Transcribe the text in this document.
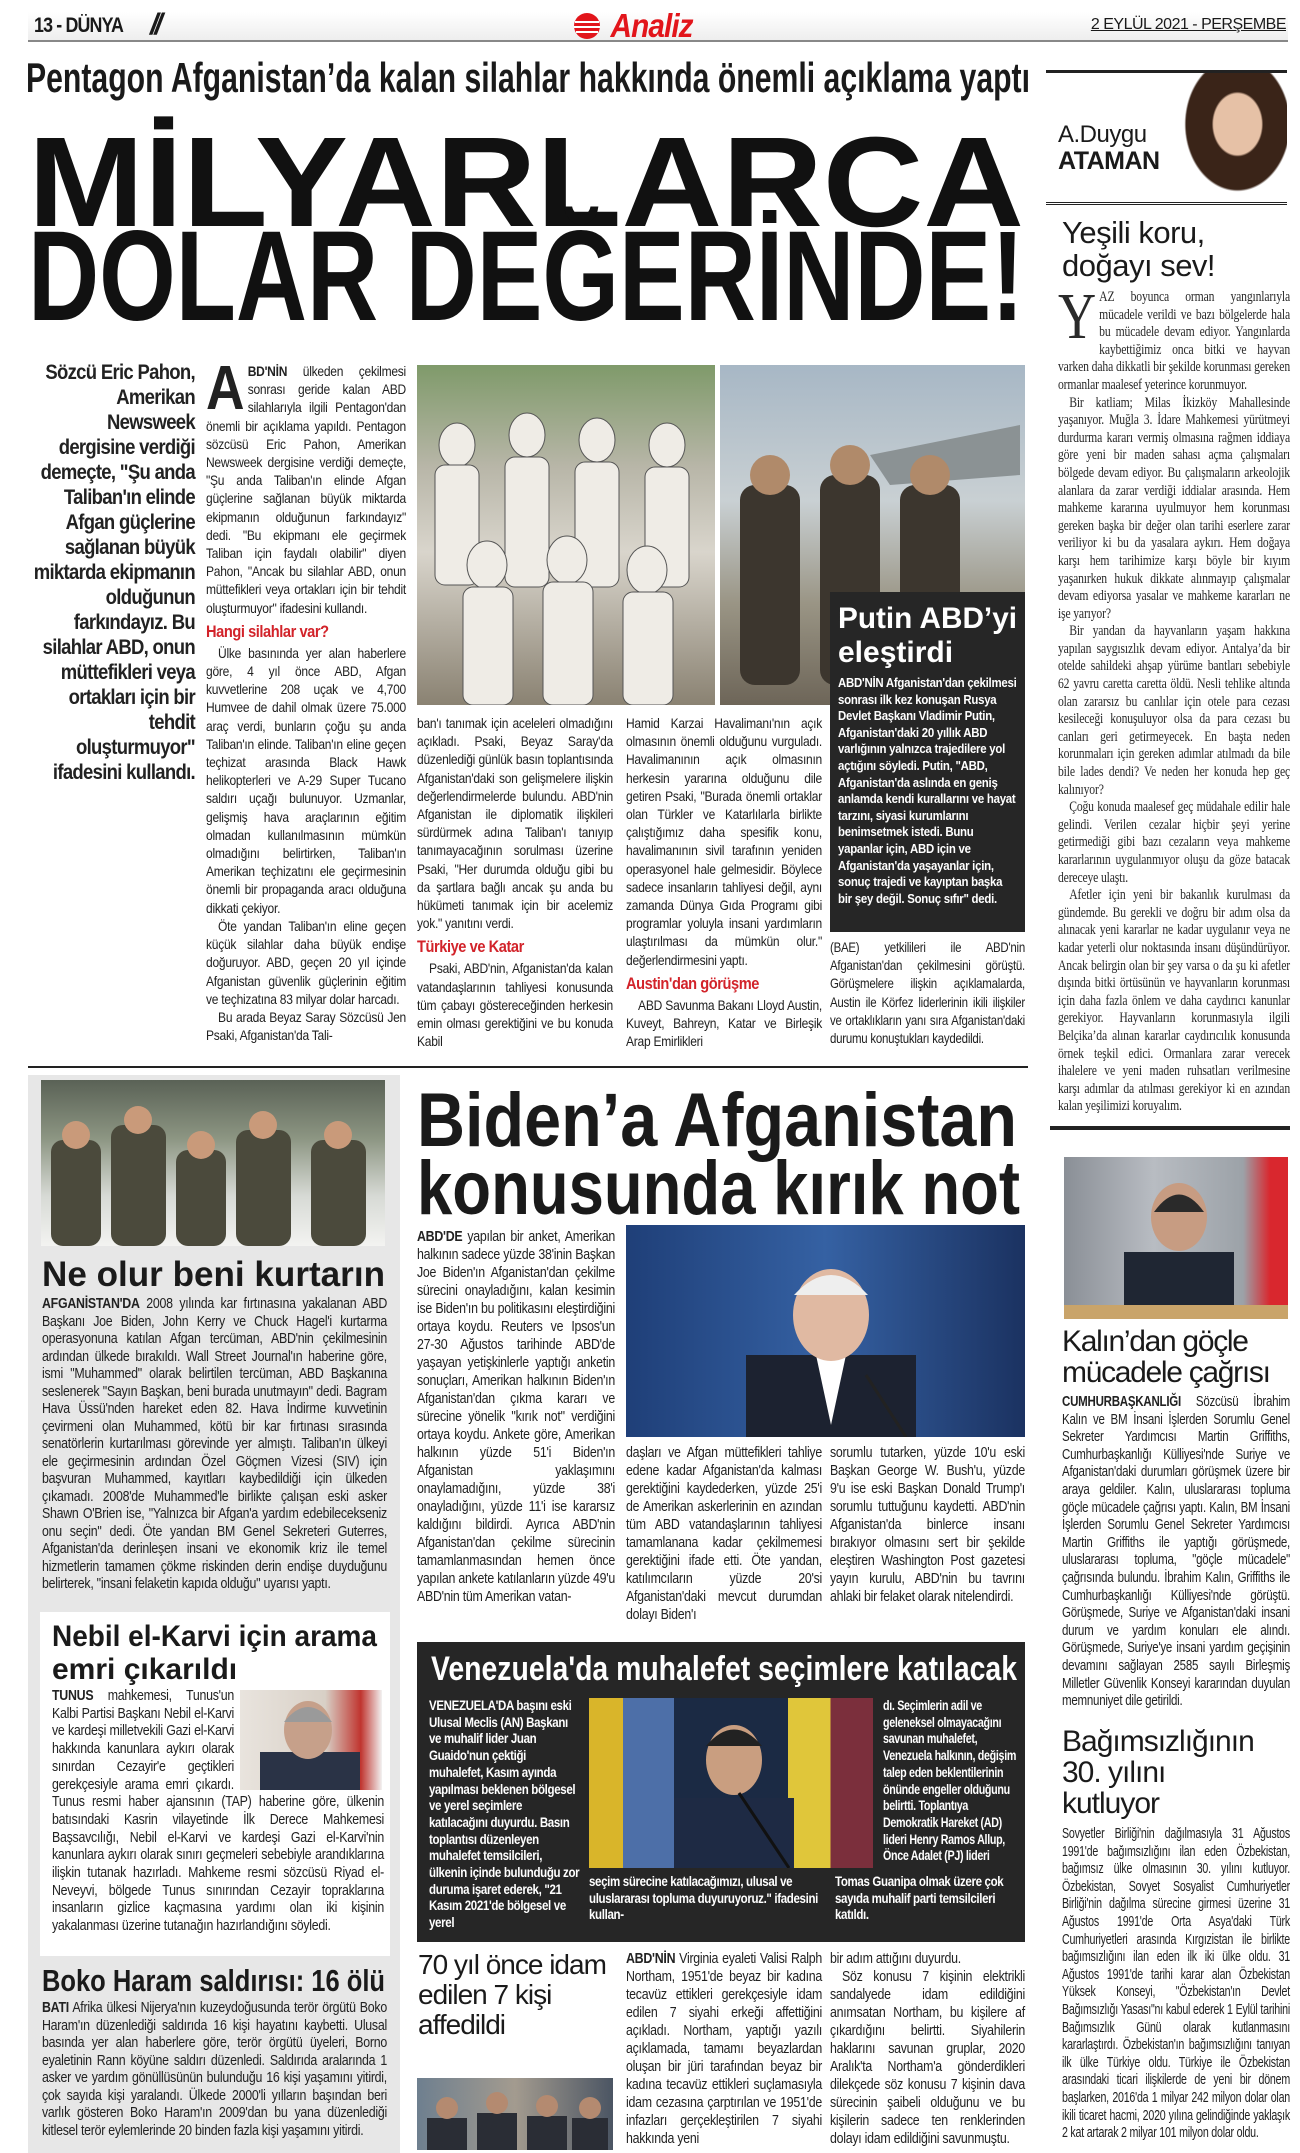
13 - DÜNYA //	Analiz	2 EYLÜL 2021 - PERŞEMBE
Pentagon Afganistan’da kalan silahlar hakkında önemli açıklama yaptı
MİLYARLARCA
DOLAR DEĞERİNDE!
Sözcü Eric Pahon, Amerikan Newsweek dergisine verdiği demeçte, "Şu anda Taliban'ın elinde Afgan güçlerine sağlanan büyük miktarda ekipmanın olduğunun farkındayız. Bu silahlar ABD, onun müttefikleri veya ortakları için bir tehdit oluşturmuyor" ifadesini kullandı.

ABD'NİN ülkeden çekilmesi sonrası geride kalan ABD silahlarıyla ilgili Pentagon'dan önemli bir açıklama yapıldı. Pentagon sözcüsü Eric Pahon, Amerikan Newsweek dergisine verdiği demeçte, "Şu anda Taliban'ın elinde Afgan güçlerine sağlanan büyük miktarda ekipmanın olduğunun farkındayız" dedi. "Bu ekipmanı ele geçirmek Taliban için faydalı olabilir" diyen Pahon, "Ancak bu silahlar ABD, onun müttefikleri veya ortakları için bir tehdit oluşturmuyor" ifadesini kullandı.

Hangi silahlar var?

Ülke basınında yer alan haberlere göre, 4 yıl önce ABD, Afgan kuvvetlerine 208 uçak ve 4,700 Humvee de dahil olmak üzere 75.000 araç verdi, bunların çoğu şu anda Taliban'ın elinde. Taliban'ın eline geçen teçhizat arasında Black Hawk helikopterleri ve A-29 Super Tucano saldırı uçağı bulunuyor. Uzmanlar, gelişmiş hava araçlarının eğitim olmadan kullanılmasının mümkün olmadığını belirtirken, Taliban'ın Amerikan teçhizatını ele geçirmesinin önemli bir propaganda aracı olduğuna dikkati çekiyor.

Öte yandan Taliban'ın eline geçen küçük silahlar daha büyük endişe doğuruyor. ABD, geçen 20 yıl içinde Afganistan güvenlik güçlerinin eğitim ve teçhizatına 83 milyar dolar harcadı.

Bu arada Beyaz Saray Sözcüsü Jen Psaki, Afganistan'da Tali-

Putin ABD’yi
eleştirdi

ABD'NİN Afganistan'dan çekilmesi sonrası ilk kez konuşan Rusya Devlet Başkanı Vladimir Putin, Afganistan'daki 20 yıllık ABD varlığının yalnızca trajedilere yol açtığını söyledi. Putin, "ABD, Afganistan'da aslında en geniş anlamda kendi kurallarını ve hayat tarzını, siyasi kurumlarını benimsetmek istedi. Bunu yapanlar için, ABD için ve Afganistan'da yaşayanlar için, sonuç trajedi ve kayıptan başka bir şey değil. Sonuç sıfır" dedi.

ban'ı tanımak için aceleleri olmadığını açıkladı. Psaki, Beyaz Saray'da düzenlediği günlük basın toplantısında Afganistan'daki son gelişmelere ilişkin değerlendirmelerde bulundu. ABD'nin Afganistan ile diplomatik ilişkileri sürdürmek adına Taliban'ı tanıyıp tanımayacağının sorulması üzerine Psaki, "Her durumda olduğu gibi bu da şartlara bağlı ancak şu anda bu hükümeti tanımak için bir acelemiz yok." yanıtını verdi.

Türkiye ve Katar

Psaki, ABD'nin, Afganistan'da kalan vatandaşlarının tahliyesi konusunda tüm çabayı göstereceğinden herkesin emin olması gerektiğini ve bu konuda Kabil

Hamid Karzai Havalimanı'nın açık olmasının önemli olduğunu vurguladı. Havalimanının açık olmasının herkesin yararına olduğunu dile getiren Psaki, "Burada önemli ortaklar olan Türkler ve Katarlılarla birlikte çalıştığımız daha spesifik konu, havalimanının sivil tarafının yeniden operasyonel hale gelmesidir. Böylece sadece insanların tahliyesi değil, aynı zamanda Dünya Gıda Programı gibi programlar yoluyla insani yardımların ulaştırılması da mümkün olur." değerlendirmesini yaptı.

Austin'dan görüşme

ABD Savunma Bakanı Lloyd Austin, Kuveyt, Bahreyn, Katar ve Birleşik Arap Emirlikleri

(BAE) yetkilileri ile ABD'nin Afganistan'dan çekilmesini görüştü. Görüşmelere ilişkin açıklamalarda, Austin ile Körfez liderlerinin ikili ilişkiler ve ortaklıkların yanı sıra Afganistan'daki durumu konuştukları kaydedildi.

A.Duygu
ATAMAN
Yeşili koru,
doğayı sev!

YAZ boyunca orman yangınlarıyla mücadele verildi ve bazı bölgelerde hala bu mücadele devam ediyor. Yangınlarda kaybettiğimiz onca bitki ve hayvan varken daha dikkatli bir şekilde korunması gereken ormanlar maalesef yeterince korunmuyor.

Bir katliam; Milas İkizköy Mahallesinde yaşanıyor. Muğla 3. İdare Mahkemesi yürütmeyi durdurma kararı vermiş olmasına rağmen iddiaya göre yeni bir maden sahası açma çalışmaları bölgede devam ediyor. Bu çalışmaların arkeolojik alanlara da zarar verdiği iddialar arasında. Hem mahkeme kararına uyulmuyor hem korunması gereken başka bir değer olan tarihi eserlere zarar veriliyor ki bu da yasalara aykırı. Hem doğaya karşı hem tarihimize karşı böyle bir kıyım yaşanırken hukuk dikkate alınmayıp çalışmalar devam ediyorsa yasalar ve mahkeme kararları ne işe yarıyor?

Bir yandan da hayvanların yaşam hakkına yapılan saygısızlık devam ediyor. Antalya’da bir otelde sahildeki ahşap yürüme bantları sebebiyle 62 yavru caretta caretta öldü. Nesli tehlike altında olan zararsız bu canlılar için otele para cezası kesileceği konuşuluyor olsa da para cezası bu canları geri getirmeyecek. En başta neden korunmaları için gereken adımlar atılmadı da bile bile lades dendi? Ve neden her konuda hep geç kalınıyor?

Çoğu konuda maalesef geç müdahale edilir hale gelindi. Verilen cezalar hiçbir şeyi yerine getirmediği gibi bazı cezaların veya mahkeme kararlarının uygulanmıyor oluşu da göze batacak dereceye ulaştı.

Afetler için yeni bir bakanlık kurulması da gündemde. Bu gerekli ve doğru bir adım olsa da alınacak yeni kararlar ne kadar uygulanır veya ne kadar yeterli olur noktasında insanı düşündürüyor. Ancak belirgin olan bir şey varsa o da şu ki afetler dışında bitki örtüsünün ve hayvanların korunması için daha fazla önlem ve daha caydırıcı kanunlar gerekiyor. Hayvanların korunmasıyla ilgili Belçika’da alınan kararlar caydırıcılık konusunda örnek teşkil edici. Ormanlara zarar verecek ihalelere ve yeni maden ruhsatları verilmesine karşı adımlar da atılması gerekiyor ki en azından kalan yeşilimizi koruyalım.

Ne olur beni kurtarın

AFGANİSTAN'DA 2008 yılında kar fırtınasına yakalanan ABD Başkanı Joe Biden, John Kerry ve Chuck Hagel'i kurtarma operasyonuna katılan Afgan tercüman, ABD'nin çekilmesinin ardından ülkede bırakıldı. Wall Street Journal'ın haberine göre, ismi "Muhammed" olarak belirtilen tercüman, ABD Başkanına seslenerek "Sayın Başkan, beni burada unutmayın" dedi. Bagram Hava Üssü'nden hareket eden 82. Hava İndirme kuvvetinin çevirmeni olan Muhammed, kötü bir kar fırtınası sırasında senatörlerin kurtarılması görevinde yer almıştı. Taliban'ın ülkeyi ele geçirmesinin ardından Özel Göçmen Vizesi (SIV) için başvuran Muhammed, kayıtları kaybedildiği için ülkeden çıkamadı. 2008'de Muhammed'le birlikte çalışan eski asker Shawn O'Brien ise, "Yalnızca bir Afgan'a yardım edebilecekseniz onu seçin" dedi. Öte yandan BM Genel Sekreteri Guterres, Afganistan'da derinleşen insani ve ekonomik kriz ile temel hizmetlerin tamamen çökme riskinden derin endişe duyduğunu belirterek, "insani felaketin kapıda olduğu" uyarısı yaptı.

Nebil el-Karvi için arama
emri çıkarıldı

TUNUS mahkemesi, Tunus'un Kalbi Partisi Başkanı Nebil el-Karvi ve kardeşi milletvekili Gazi el-Karvi hakkında kanunlara aykırı olarak sınırdan Cezayir'e geçtikleri gerekçesiyle arama emri çıkardı. Tunus resmi haber ajansının (TAP) haberine göre, ülkenin batısındaki Kasrin vilayetinde İlk Derece Mahkemesi Başsavcılığı, Nebil el-Karvi ve kardeşi Gazi el-Karvi'nin kanunlara aykırı olarak sınırı geçmeleri sebebiyle arandıklarına ilişkin tutanak hazırladı. Mahkeme resmi sözcüsü Riyad el-Neveyvi, bölgede Tunus sınırından Cezayir topraklarına insanların gizlice kaçmasına yardımı olan iki kişinin yakalanması üzerine tutanağın hazırlandığını söyledi.

Boko Haram saldırısı: 16 ölü

BATI Afrika ülkesi Nijerya'nın kuzeydoğusunda terör örgütü Boko Haram'ın düzenlediği saldırıda 16 kişi hayatını kaybetti. Ulusal basında yer alan haberlere göre, terör örgütü üyeleri, Borno eyaletinin Rann köyüne saldırı düzenledi. Saldırıda aralarında 1 asker ve yardım gönüllüsünün bulunduğu 16 kişi yaşamını yitirdi, çok sayıda kişi yaralandı. Ülkede 2000'li yılların başından beri varlık gösteren Boko Haram'ın 2009'dan bu yana düzenlediği kitlesel terör eylemlerinde 20 binden fazla kişi yaşamını yitirdi.

Biden’a Afganistan
konusunda kırık not

ABD'DE yapılan bir anket, Amerikan halkının sadece yüzde 38'inin Başkan Joe Biden'ın Afganistan'dan çekilme sürecini onayladığını, kalan kesimin ise Biden'ın bu politikasını eleştirdiğini ortaya koydu. Reuters ve Ipsos'un 27-30 Ağustos tarihinde ABD'de yaşayan yetişkinlerle yaptığı anketin sonuçları, Amerikan halkının Biden'ın Afganistan'dan çıkma kararı ve sürecine yönelik "kırık not" verdiğini ortaya koydu. Ankete göre, Amerikan halkının yüzde 51'i Biden'ın Afganistan yaklaşımını onaylamadığını, yüzde 38'i onayladığını, yüzde 11'i ise kararsız kaldığını bildirdi. Ayrıca ABD'nin Afganistan'dan çekilme sürecinin tamamlanmasından hemen önce yapılan ankete katılanların yüzde 49'u ABD'nin tüm Amerikan vatan-

daşları ve Afgan müttefikleri tahliye edene kadar Afganistan'da kalması gerektiğini kaydederken, yüzde 25'i de Amerikan askerlerinin en azından tüm ABD vatandaşlarının tahliyesi tamamlanana kadar çekilmemesi gerektiğini ifade etti. Öte yandan, katılımcıların yüzde 20'si Afganistan'daki mevcut durumdan dolayı Biden'ı

sorumlu tutarken, yüzde 10'u eski Başkan George W. Bush'u, yüzde 9'u ise eski Başkan Donald Trump'ı sorumlu tuttuğunu kaydetti. ABD'nin Afganistan'da binlerce insanı bırakıyor olmasını sert bir şekilde eleştiren Washington Post gazetesi yayın kurulu, ABD'nin bu tavrını ahlaki bir felaket olarak nitelendirdi.

Venezuela'da muhalefet seçimlere katılacak

VENEZUELA'DA başını eski Ulusal Meclis (AN) Başkanı ve muhalif lider Juan Guaido'nun çektiği muhalefet, Kasım ayında yapılması beklenen bölgesel ve yerel seçimlere katılacağını duyurdu. Basın toplantısı düzenleyen muhalefet temsilcileri, ülkenin içinde bulunduğu zor duruma işaret ederek, "21 Kasım 2021'de bölgesel ve yerel

seçim sürecine katılacağımızı, ulusal ve uluslararası topluma duyuruyoruz." ifadesini kullan-

dı. Seçimlerin adil ve geleneksel olmayacağını savunan muhalefet, Venezuela halkının, değişim talep eden beklentilerinin önünde engeller olduğunu belirtti. Toplantıya Demokratik Hareket (AD) lideri Henry Ramos Allup, Önce Adalet (PJ) lideri

Tomas Guanipa olmak üzere çok sayıda muhalif parti temsilcileri katıldı.

70 yıl önce idam edilen 7 kişi affedildi

ABD'NİN Virginia eyaleti Valisi Ralph Northam, 1951'de beyaz bir kadına tecavüz ettikleri gerekçesiyle idam edilen 7 siyahi erkeği affettiğini açıkladı. Northam, yaptığı yazılı açıklamada, tamamı beyazlardan oluşan bir jüri tarafından beyaz bir kadına tecavüz ettikleri suçlamasıyla idam cezasına çarptırılan ve 1951'de infazları gerçekleştirilen 7 siyahi hakkında yeni

bir adım attığını duyurdu.

Söz konusu 7 kişinin elektrikli sandalyede idam edildiğini anımsatan Northam, bu kişilere af çıkardığını belirtti. Siyahilerin haklarını savunan gruplar, 2020 Aralık'ta Northam'a gönderdikleri dilekçede söz konusu 7 kişinin dava sürecinin şaibeli olduğunu ve bu kişilerin sadece ten renklerinden dolayı idam edildiğini savunmuştu.

Kalın’dan göçle
mücadele çağrısı

CUMHURBAŞKANLIĞI Sözcüsü İbrahim Kalın ve BM İnsani İşlerden Sorumlu Genel Sekreter Yardımcısı Martin Griffiths, Cumhurbaşkanlığı Külliyesi'nde Suriye ve Afganistan'daki durumları görüşmek üzere bir araya geldiler. Kalın, uluslararası topluma göçle mücadele çağrısı yaptı. Kalın, BM İnsani İşlerden Sorumlu Genel Sekreter Yardımcısı Martin Griffiths ile yaptığı görüşmede, uluslararası topluma, "göçle mücadele" çağrısında bulundu. İbrahim Kalın, Griffiths ile Cumhurbaşkanlığı Külliyesi'nde görüştü. Görüşmede, Suriye ve Afganistan'daki insani durum ve yardım konuları ele alındı. Görüşmede, Suriye'ye insani yardım geçişinin devamını sağlayan 2585 sayılı Birleşmiş Milletler Güvenlik Konseyi kararından duyulan memnuniyet dile getirildi.

Bağımsızlığının
30. yılını
kutluyor

Sovyetler Birliği'nin dağılmasıyla 31 Ağustos 1991'de bağımsızlığını ilan eden Özbekistan, bağımsız ülke olmasının 30. yılını kutluyor. Özbekistan, Sovyet Sosyalist Cumhuriyetler Birliği'nin dağılma sürecine girmesi üzerine 31 Ağustos 1991'de Orta Asya'daki Türk Cumhuriyetleri arasında Kırgızistan ile birlikte bağımsızlığını ilan eden ilk iki ülke oldu. 31 Ağustos 1991'de tarihi karar alan Özbekistan Yüksek Konseyi, "Özbekistan'ın Devlet Bağımsızlığı Yasası"nı kabul ederek 1 Eylül tarihini Bağımsızlık Günü olarak kutlanmasını kararlaştırdı. Özbekistan'ın bağımsızlığını tanıyan ilk ülke Türkiye oldu. Türkiye ile Özbekistan arasındaki ticari ilişkilerde de yeni bir dönem başlarken, 2016'da 1 milyar 242 milyon dolar olan ikili ticaret hacmi, 2020 yılına gelindiğinde yaklaşık 2 kat artarak 2 milyar 101 milyon dolar oldu.
